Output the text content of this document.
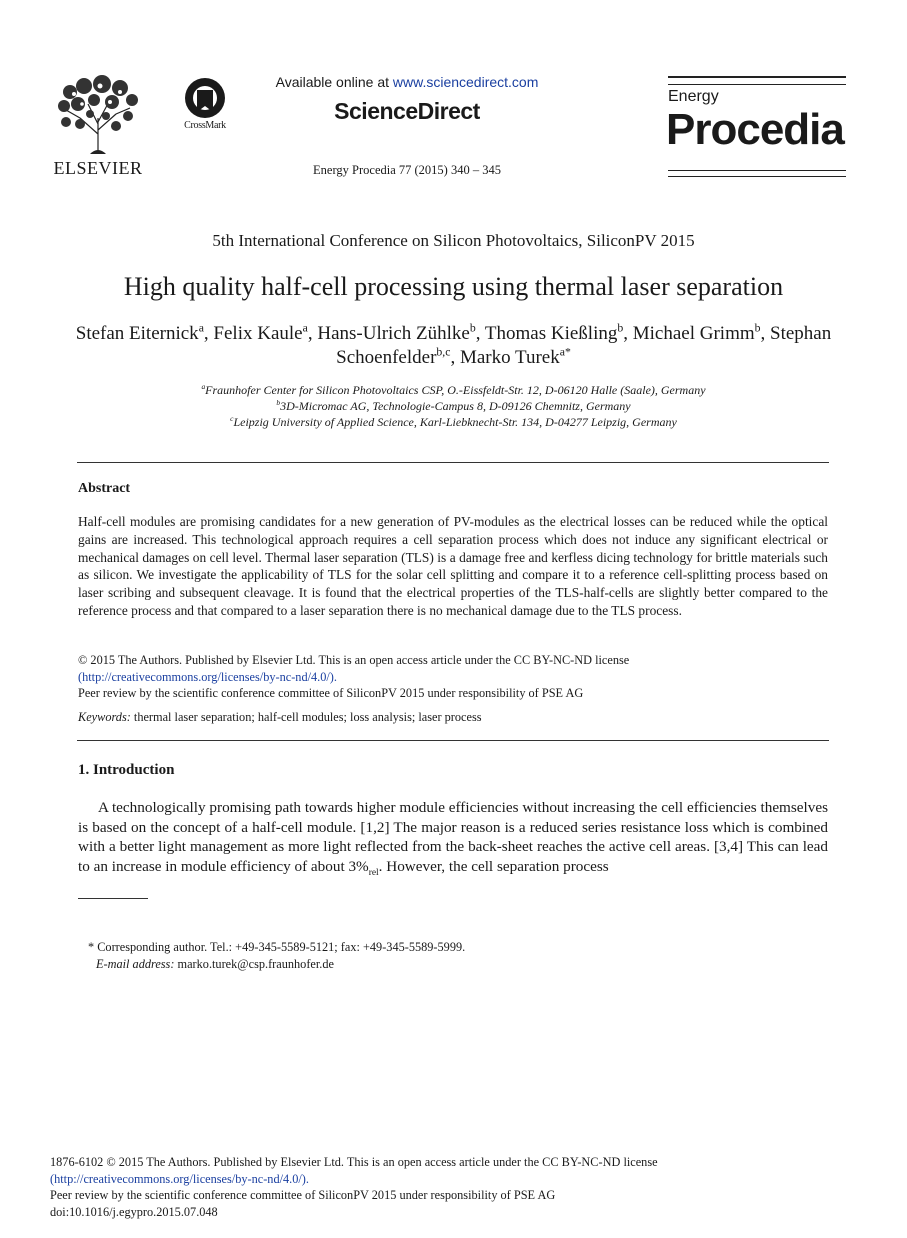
ELSEVIER
CrossMark
Available online at www.sciencedirect.com
ScienceDirect
Energy Procedia 77 (2015) 340 – 345
Energy
Procedia
5th International Conference on Silicon Photovoltaics, SiliconPV 2015
High quality half-cell processing using thermal laser separation
Stefan Eiternick$^a$, Felix Kaule$^a$, Hans-Ulrich Zühlke$^b$, Thomas Kießling$^b$, Michael Grimm$^b$, Stephan Schoenfelder$^{b,c}$, Marko Turek$^{a*}$
$^a$Fraunhofer Center for Silicon Photovoltaics CSP, O.-Eissfeldt-Str. 12, D-06120 Halle (Saale), Germany
$^b$3D-Micromac AG, Technologie-Campus 8, D-09126 Chemnitz, Germany
$^c$Leipzig University of Applied Science, Karl-Liebknecht-Str. 134, D-04277 Leipzig, Germany
Abstract
Half-cell modules are promising candidates for a new generation of PV-modules as the electrical losses can be reduced while the optical gains are increased. This technological approach requires a cell separation process which does not induce any significant electrical or mechanical damages on cell level. Thermal laser separation (TLS) is a damage free and kerfless dicing technology for brittle materials such as silicon. We investigate the applicability of TLS for the solar cell splitting and compare it to a reference cell-splitting process based on laser scribing and subsequent cleavage. It is found that the electrical properties of the TLS-half-cells are slightly better compared to the reference process and that compared to a laser separation there is no mechanical damage due to the TLS process.
© 2015 The Authors. Published by Elsevier Ltd. This is an open access article under the CC BY-NC-ND license
(http://creativecommons.org/licenses/by-nc-nd/4.0/).
Peer review by the scientific conference committee of SiliconPV 2015 under responsibility of PSE AG
Keywords: thermal laser separation; half-cell modules; loss analysis; laser process
1. Introduction
A technologically promising path towards higher module efficiencies without increasing the cell efficiencies themselves is based on the concept of a half-cell module. [1,2] The major reason is a reduced series resistance loss which is combined with a better light management as more light reflected from the back-sheet reaches the active cell areas. [3,4] This can lead to an increase in module efficiency of about $3\%_{rel}$. However, the cell separation process
* Corresponding author. Tel.: +49-345-5589-5121; fax: +49-345-5589-5999.
E-mail address: marko.turek@csp.fraunhofer.de
1876-6102 © 2015 The Authors. Published by Elsevier Ltd. This is an open access article under the CC BY-NC-ND license
(http://creativecommons.org/licenses/by-nc-nd/4.0/).
Peer review by the scientific conference committee of SiliconPV 2015 under responsibility of PSE AG
doi:10.1016/j.egypro.2015.07.048
